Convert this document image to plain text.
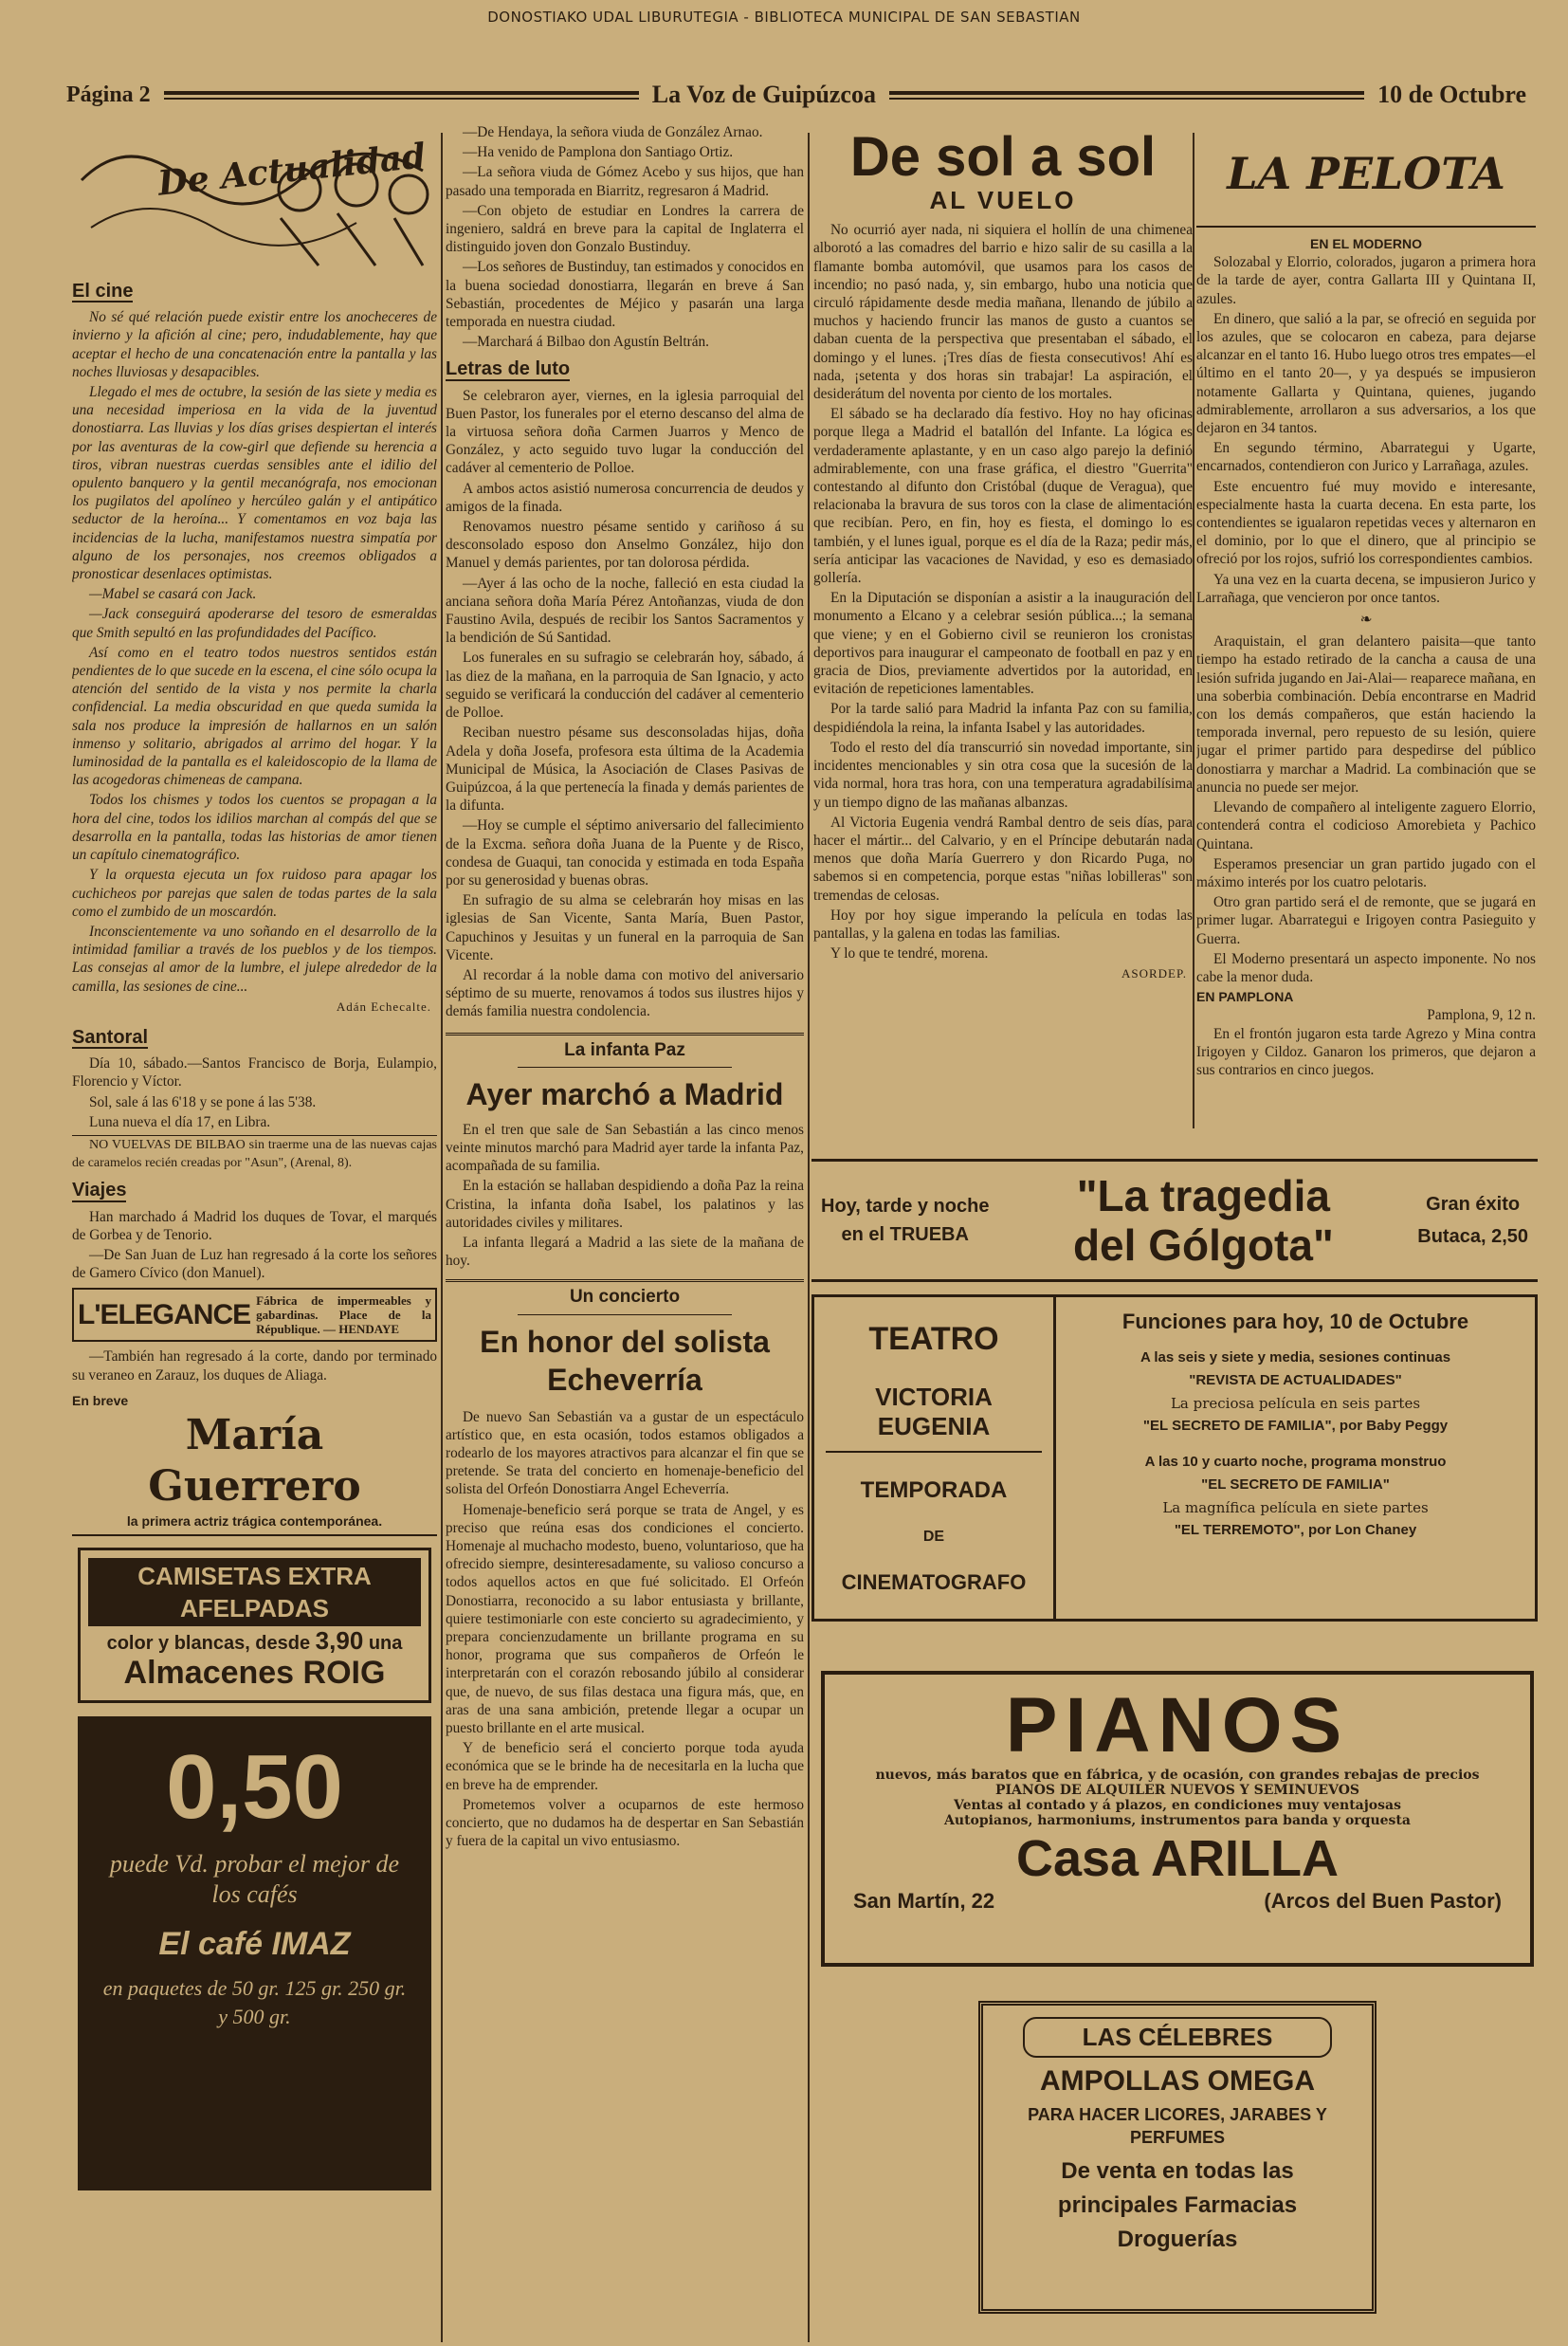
DONOSTIAKO UDAL LIBURUTEGIA - BIBLIOTECA MUNICIPAL DE SAN SEBASTIAN
Página 2	La Voz de Guipúzcoa	10 de Octubre
De Actualidad
El cine

No sé qué relación puede existir entre los anocheceres de invierno y la afición al cine; pero, indudablemente, hay que aceptar el hecho de una concatenación entre la pantalla y las noches lluviosas y desapacibles.

Llegado el mes de octubre, la sesión de las siete y media es una necesidad imperiosa en la vida de la juventud donostiarra. Las lluvias y los días grises despiertan el interés por las aventuras de la cow-girl que defiende su herencia a tiros, vibran nuestras cuerdas sensibles ante el idilio del opulento banquero y la gentil mecanógrafa, nos emocionan los pugilatos del apolíneo y hercúleo galán y el antipático seductor de la heroína... Y comentamos en voz baja las incidencias de la lucha, manifestamos nuestra simpatía por alguno de los personajes, nos creemos obligados a pronosticar desenlaces optimistas.

—Mabel se casará con Jack.

—Jack conseguirá apoderarse del tesoro de esmeraldas que Smith sepultó en las profundidades del Pacífico.

Así como en el teatro todos nuestros sentidos están pendientes de lo que sucede en la escena, el cine sólo ocupa la atención del sentido de la vista y nos permite la charla confidencial. La media obscuridad en que queda sumida la sala nos produce la impresión de hallarnos en un salón inmenso y solitario, abrigados al arrimo del hogar. Y la luminosidad de la pantalla es el kaleidoscopio de la llama de las acogedoras chimeneas de campana.

Todos los chismes y todos los cuentos se propagan a la hora del cine, todos los idilios marchan al compás del que se desarrolla en la pantalla, todas las historias de amor tienen un capítulo cinematográfico.

Y la orquesta ejecuta un fox ruidoso para apagar los cuchicheos por parejas que salen de todas partes de la sala como el zumbido de un moscardón.

Inconscientemente va uno soñando en el desarrollo de la intimidad familiar a través de los pueblos y de los tiempos. Las consejas al amor de la lumbre, el julepe alrededor de la camilla, las sesiones de cine...

Adán Echecalte.
Santoral

Día 10, sábado.—Santos Francisco de Borja, Eulampio, Florencio y Víctor.

Sol, sale á las 6'18 y se pone á las 5'38.

Luna nueva el día 17, en Libra.

NO VUELVAS DE BILBAO sin traerme una de las nuevas cajas de caramelos recién creadas por "Asun", (Arenal, 8).

Viajes

Han marchado á Madrid los duques de Tovar, el marqués de Gorbea y de Tenorio.

—De San Juan de Luz han regresado á la corte los señores de Gamero Cívico (don Manuel).

L'ELEGANCE Fábrica de impermeables y gabardinas. Place de la République. — HENDAYE

—También han regresado á la corte, dando por terminado su veraneo en Zarauz, los duques de Aliaga.

En breve
María Guerrero
la primera actriz trágica contemporánea.
CAMISETAS EXTRA AFELPADAS
color y blancas, desde 3,90 una
Almacenes ROIG
0,50
puede Vd. probar el mejor de los cafés
El café IMAZ
en paquetes de 50 gr. 125 gr. 250 gr. y 500 gr.

—De Hendaya, la señora viuda de González Arnao.

—Ha venido de Pamplona don Santiago Ortiz.

—La señora viuda de Gómez Acebo y sus hijos, que han pasado una temporada en Biarritz, regresaron á Madrid.

—Con objeto de estudiar en Londres la carrera de ingeniero, saldrá en breve para la capital de Inglaterra el distinguido joven don Gonzalo Bustinduy.

—Los señores de Bustinduy, tan estimados y conocidos en la buena sociedad donostiarra, llegarán en breve á San Sebastián, procedentes de Méjico y pasarán una larga temporada en nuestra ciudad.

—Marchará á Bilbao don Agustín Beltrán.

Letras de luto

Se celebraron ayer, viernes, en la iglesia parroquial del Buen Pastor, los funerales por el eterno descanso del alma de la virtuosa señora doña Carmen Juarros y Menco de González, y acto seguido tuvo lugar la conducción del cadáver al cementerio de Polloe.

A ambos actos asistió numerosa concurrencia de deudos y amigos de la finada.

Renovamos nuestro pésame sentido y cariñoso á su desconsolado esposo don Anselmo González, hijo don Manuel y demás parientes, por tan dolorosa pérdida.

—Ayer á las ocho de la noche, falleció en esta ciudad la anciana señora doña María Pérez Antoñanzas, viuda de don Faustino Avila, después de recibir los Santos Sacramentos y la bendición de Sú Santidad.

Los funerales en su sufragio se celebrarán hoy, sábado, á las diez de la mañana, en la parroquia de San Ignacio, y acto seguido se verificará la conducción del cadáver al cementerio de Polloe.

Reciban nuestro pésame sus desconsoladas hijas, doña Adela y doña Josefa, profesora esta última de la Academia Municipal de Música, la Asociación de Clases Pasivas de Guipúzcoa, á la que pertenecía la finada y demás parientes de la difunta.

—Hoy se cumple el séptimo aniversario del fallecimiento de la Excma. señora doña Juana de la Puente y de Risco, condesa de Guaqui, tan conocida y estimada en toda España por su generosidad y buenas obras.

En sufragio de su alma se celebrarán hoy misas en las iglesias de San Vicente, Santa María, Buen Pastor, Capuchinos y Jesuitas y un funeral en la parroquia de San Vicente.

Al recordar á la noble dama con motivo del aniversario séptimo de su muerte, renovamos á todos sus ilustres hijos y demás familia nuestra condolencia.

La infanta Paz
Ayer marchó a Madrid

En el tren que sale de San Sebastián a las cinco menos veinte minutos marchó para Madrid ayer tarde la infanta Paz, acompañada de su familia.

En la estación se hallaban despidiendo a doña Paz la reina Cristina, la infanta doña Isabel, los palatinos y las autoridades civiles y militares.

La infanta llegará a Madrid a las siete de la mañana de hoy.

Un concierto
En honor del solista Echeverría

De nuevo San Sebastián va a gustar de un espectáculo artístico que, en esta ocasión, todos estamos obligados a rodearlo de los mayores atractivos para alcanzar el fin que se pretende. Se trata del concierto en homenaje-beneficio del solista del Orfeón Donostiarra Angel Echeverría.

Homenaje-beneficio será porque se trata de Angel, y es preciso que reúna esas dos condiciones el concierto. Homenaje al muchacho modesto, bueno, voluntarioso, que ha ofrecido siempre, desinteresadamente, su valioso concurso a todos aquellos actos en que fué solicitado. El Orfeón Donostiarra, reconocido a su labor entusiasta y brillante, quiere testimoniarle con este concierto su agradecimiento, y prepara concienzudamente un brillante programa en su honor, programa que sus compañeros de Orfeón le interpretarán con el corazón rebosando júbilo al considerar que, de nuevo, de sus filas destaca una figura más, que, en aras de una sana ambición, pretende llegar a ocupar un puesto brillante en el arte musical.

Y de beneficio será el concierto porque toda ayuda económica que se le brinde ha de necesitarla en la lucha que en breve ha de emprender.

Prometemos volver a ocuparnos de este hermoso concierto, que no dudamos ha de despertar en San Sebastián y fuera de la capital un vivo entusiasmo.

De sol a sol
AL VUELO

No ocurrió ayer nada, ni siquiera el hollín de una chimenea alborotó a las comadres del barrio e hizo salir de su casilla a la flamante bomba automóvil, que usamos para los casos de incendio; no pasó nada, y, sin embargo, hubo una noticia que circuló rápidamente desde media mañana, llenando de júbilo a muchos y haciendo fruncir las manos de gusto a cuantos se daban cuenta de la perspectiva que presentaban el sábado, el domingo y el lunes. ¡Tres días de fiesta consecutivos! Ahí es nada, ¡setenta y dos horas sin trabajar! La aspiración, el desiderátum del noventa por ciento de los mortales.

El sábado se ha declarado día festivo. Hoy no hay oficinas porque llega a Madrid el batallón del Infante. La lógica es verdaderamente aplastante, y en un caso algo parejo la definió admirablemente, con una frase gráfica, el diestro "Guerrita" contestando al difunto don Cristóbal (duque de Veragua), que relacionaba la bravura de sus toros con la clase de alimentación que recibían. Pero, en fin, hoy es fiesta, el domingo lo es también, y el lunes igual, porque es el día de la Raza; pedir más, sería anticipar las vacaciones de Navidad, y eso es demasiado gollería.

En la Diputación se disponían a asistir a la inauguración del monumento a Elcano y a celebrar sesión pública...; la semana que viene; y en el Gobierno civil se reunieron los cronistas deportivos para inaugurar el campeonato de football en paz y en gracia de Dios, previamente advertidos por la autoridad, en evitación de repeticiones lamentables.

Por la tarde salió para Madrid la infanta Paz con su familia, despidiéndola la reina, la infanta Isabel y las autoridades.

Todo el resto del día transcurrió sin novedad importante, sin incidentes mencionables y sin otra cosa que la sucesión de la vida normal, hora tras hora, con una temperatura agradabilísima y un tiempo digno de las mañanas albanzas.

Al Victoria Eugenia vendrá Rambal dentro de seis días, para hacer el mártir... del Calvario, y en el Príncipe debutarán nada menos que doña María Guerrero y don Ricardo Puga, no sabemos si en competencia, porque estas "niñas lobilleras" son tremendas de celosas.

Hoy por hoy sigue imperando la película en todas las pantallas, y la galena en todas las familias.

Y lo que te tendré, morena.

ASORDEP.
LA PELOTA
EN EL MODERNO

Solozabal y Elorrio, colorados, jugaron a primera hora de la tarde de ayer, contra Gallarta III y Quintana II, azules.

En dinero, que salió a la par, se ofreció en seguida por los azules, que se colocaron en cabeza, para dejarse alcanzar en el tanto 16. Hubo luego otros tres empates—el último en el tanto 20—, y ya después se impusieron notamente Gallarta y Quintana, quienes, jugando admirablemente, arrollaron a sus adversarios, a los que dejaron en 34 tantos.

En segundo término, Abarrategui y Ugarte, encarnados, contendieron con Jurico y Larrañaga, azules.

Este encuentro fué muy movido e interesante, especialmente hasta la cuarta decena. En esta parte, los contendientes se igualaron repetidas veces y alternaron en el dominio, por lo que el dinero, que al principio se ofreció por los rojos, sufrió los correspondientes cambios.

Ya una vez en la cuarta decena, se impusieron Jurico y Larrañaga, que vencieron por once tantos.

❧

Araquistain, el gran delantero paisita—que tanto tiempo ha estado retirado de la cancha a causa de una lesión sufrida jugando en Jai-Alai— reaparece mañana, en una soberbia combinación. Debía encontrarse en Madrid con los demás compañeros, que están haciendo la temporada invernal, pero repuesto de su lesión, quiere jugar el primer partido para despedirse del público donostiarra y marchar a Madrid. La combinación que se anuncia no puede ser mejor.

Llevando de compañero al inteligente zaguero Elorrio, contenderá contra el codicioso Amorebieta y Pachico Quintana.

Esperamos presenciar un gran partido jugado con el máximo interés por los cuatro pelotaris.

Otro gran partido será el de remonte, que se jugará en primer lugar. Abarrategui e Irigoyen contra Pasieguito y Guerra.

El Moderno presentará un aspecto imponente. No nos cabe la menor duda.

EN PAMPLONA
Pamplona, 9, 12 n.

En el frontón jugaron esta tarde Agrezo y Mina contra Irigoyen y Cildoz. Ganaron los primeros, que dejaron a sus contrarios en cinco juegos.

Hoy, tarde y noche
en el TRUEBA
"La tragedia
del Gólgota"
Gran éxito
Butaca, 2,50
TEATRO
VICTORIA EUGENIA
TEMPORADA
DE
CINEMATOGRAFO
Funciones para hoy, 10 de Octubre
A las seis y siete y media, sesiones continuas
"REVISTA DE ACTUALIDADES"
La preciosa película en seis partes
"EL SECRETO DE FAMILIA", por Baby Peggy
A las 10 y cuarto noche, programa monstruo
"EL SECRETO DE FAMILIA"
La magnífica película en siete partes
"EL TERREMOTO", por Lon Chaney
PIANOS
nuevos, más baratos que en fábrica, y de ocasión, con grandes rebajas de precios
PIANOS DE ALQUILER NUEVOS Y SEMINUEVOS
Ventas al contado y á plazos, en condiciones muy ventajosas
Autopianos, harmoniums, instrumentos para banda y orquesta
Casa ARILLA
San Martín, 22	(Arcos del Buen Pastor)
LAS CÉLEBRES
AMPOLLAS OMEGA
PARA HACER LICORES, JARABES Y PERFUMES
De venta en todas las
principales Farmacias
Droguerías
